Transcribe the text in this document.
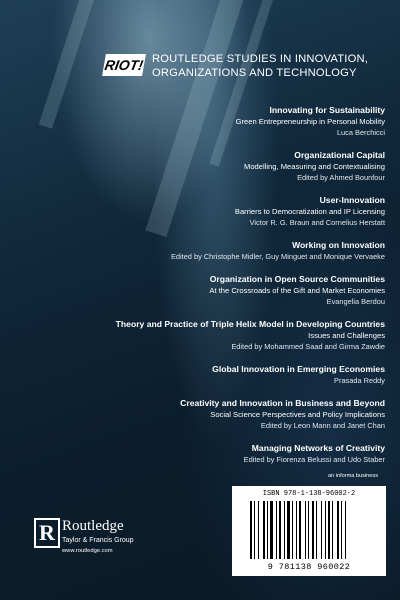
RIOT! ROUTLEDGE STUDIES IN INNOVATION,
ORGANIZATIONS AND TECHNOLOGY
Innovating for Sustainability
Green Entrepreneurship in Personal Mobility
Luca Berchicci
Organizational Capital
Modelling, Measuring and Contextualising
Edited by Ahmed Bounfour
User-Innovation
Barriers to Democratization and IP Licensing
Victor R. G. Braun and Cornelius Herstatt
Working on Innovation
Edited by Christophe Midler, Guy Minguet and Monique Vervaeke
Organization in Open Source Communities
At the Crossroads of the Gift and Market Economies
Evangelia Berdou
Theory and Practice of Triple Helix Model in Developing Countries
Issues and Challenges
Edited by Mohammed Saad and Girma Zawdie
Global Innovation in Emerging Economies
Prasada Reddy
Creativity and Innovation in Business and Beyond
Social Science Perspectives and Policy Implications
Edited by Leon Mann and Janet Chan
Managing Networks of Creativity
Edited by Fiorenza Belussi and Udo Staber
an informa business
R Routledge
Taylor & Francis Group
www.routledge.com
ISBN 978-1-138-96002-2
9 781138 960022
